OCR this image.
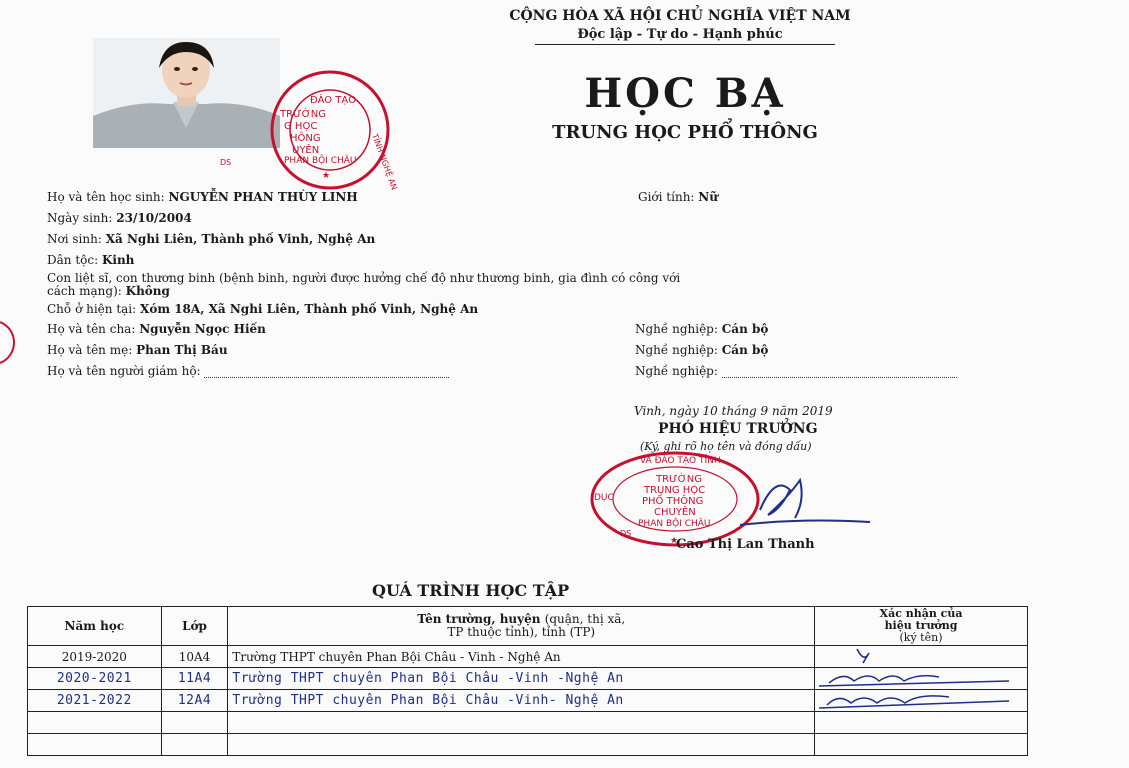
ĐÀO TẠO
TỈNH NGHỆ AN
TRƯỜNG
G HỌC
HÔNG
UYÊN
PHAN BỘI CHÂU
DS
★
CỘNG HÒA XÃ HỘI CHỦ NGHĨA VIỆT NAM
Độc lập - Tự do - Hạnh phúc
HỌC BẠ
TRUNG HỌC PHỔ THÔNG
Họ và tên học sinh: NGUYỄN PHAN THÙY LINH	Giới tính: Nữ
Ngày sinh: 23/10/2004
Nơi sinh: Xã Nghi Liên, Thành phố Vinh, Nghệ An
Dân tộc: Kinh
Con liệt sĩ, con thương binh (bệnh binh, người được hưởng chế độ như thương binh, gia đình có công với
cách mạng): Không
Chỗ ở hiện tại: Xóm 18A, Xã Nghi Liên, Thành phố Vinh, Nghệ An
Họ và tên cha: Nguyễn Ngọc Hiến	Nghề nghiệp: Cán bộ
Họ và tên mẹ: Phan Thị Báu	Nghề nghiệp: Cán bộ
Họ và tên người giám hộ:	Nghề nghiệp:
Vinh, ngày 10 tháng 9 năm 2019
PHÓ HIỆU TRƯỞNG
(Ký, ghi rõ họ tên và đóng dấu)
VÀ ĐÀO TẠO TỈNH
DỤC
TRƯỜNG
TRUNG HỌC
PHỔ THÔNG
CHUYÊN
PHAN BỘI CHÂU
DS
★
Cao Thị Lan Thanh
QUÁ TRÌNH HỌC TẬP
Năm học	Lớp	Tên trường, huyện (quận, thị xã,
TP thuộc tỉnh), tỉnh (TP)	Xác nhận của
hiệu trưởng
(ký tên)
2019-2020	10A4	Trường THPT chuyên Phan Bội Châu - Vinh - Nghệ An	

2020-2021	11A4	Trường THPT chuyên Phan Bội Châu -Vinh -Nghệ An	

2021-2022	12A4	Trường THPT chuyên Phan Bội Châu -Vinh- Nghệ An	
